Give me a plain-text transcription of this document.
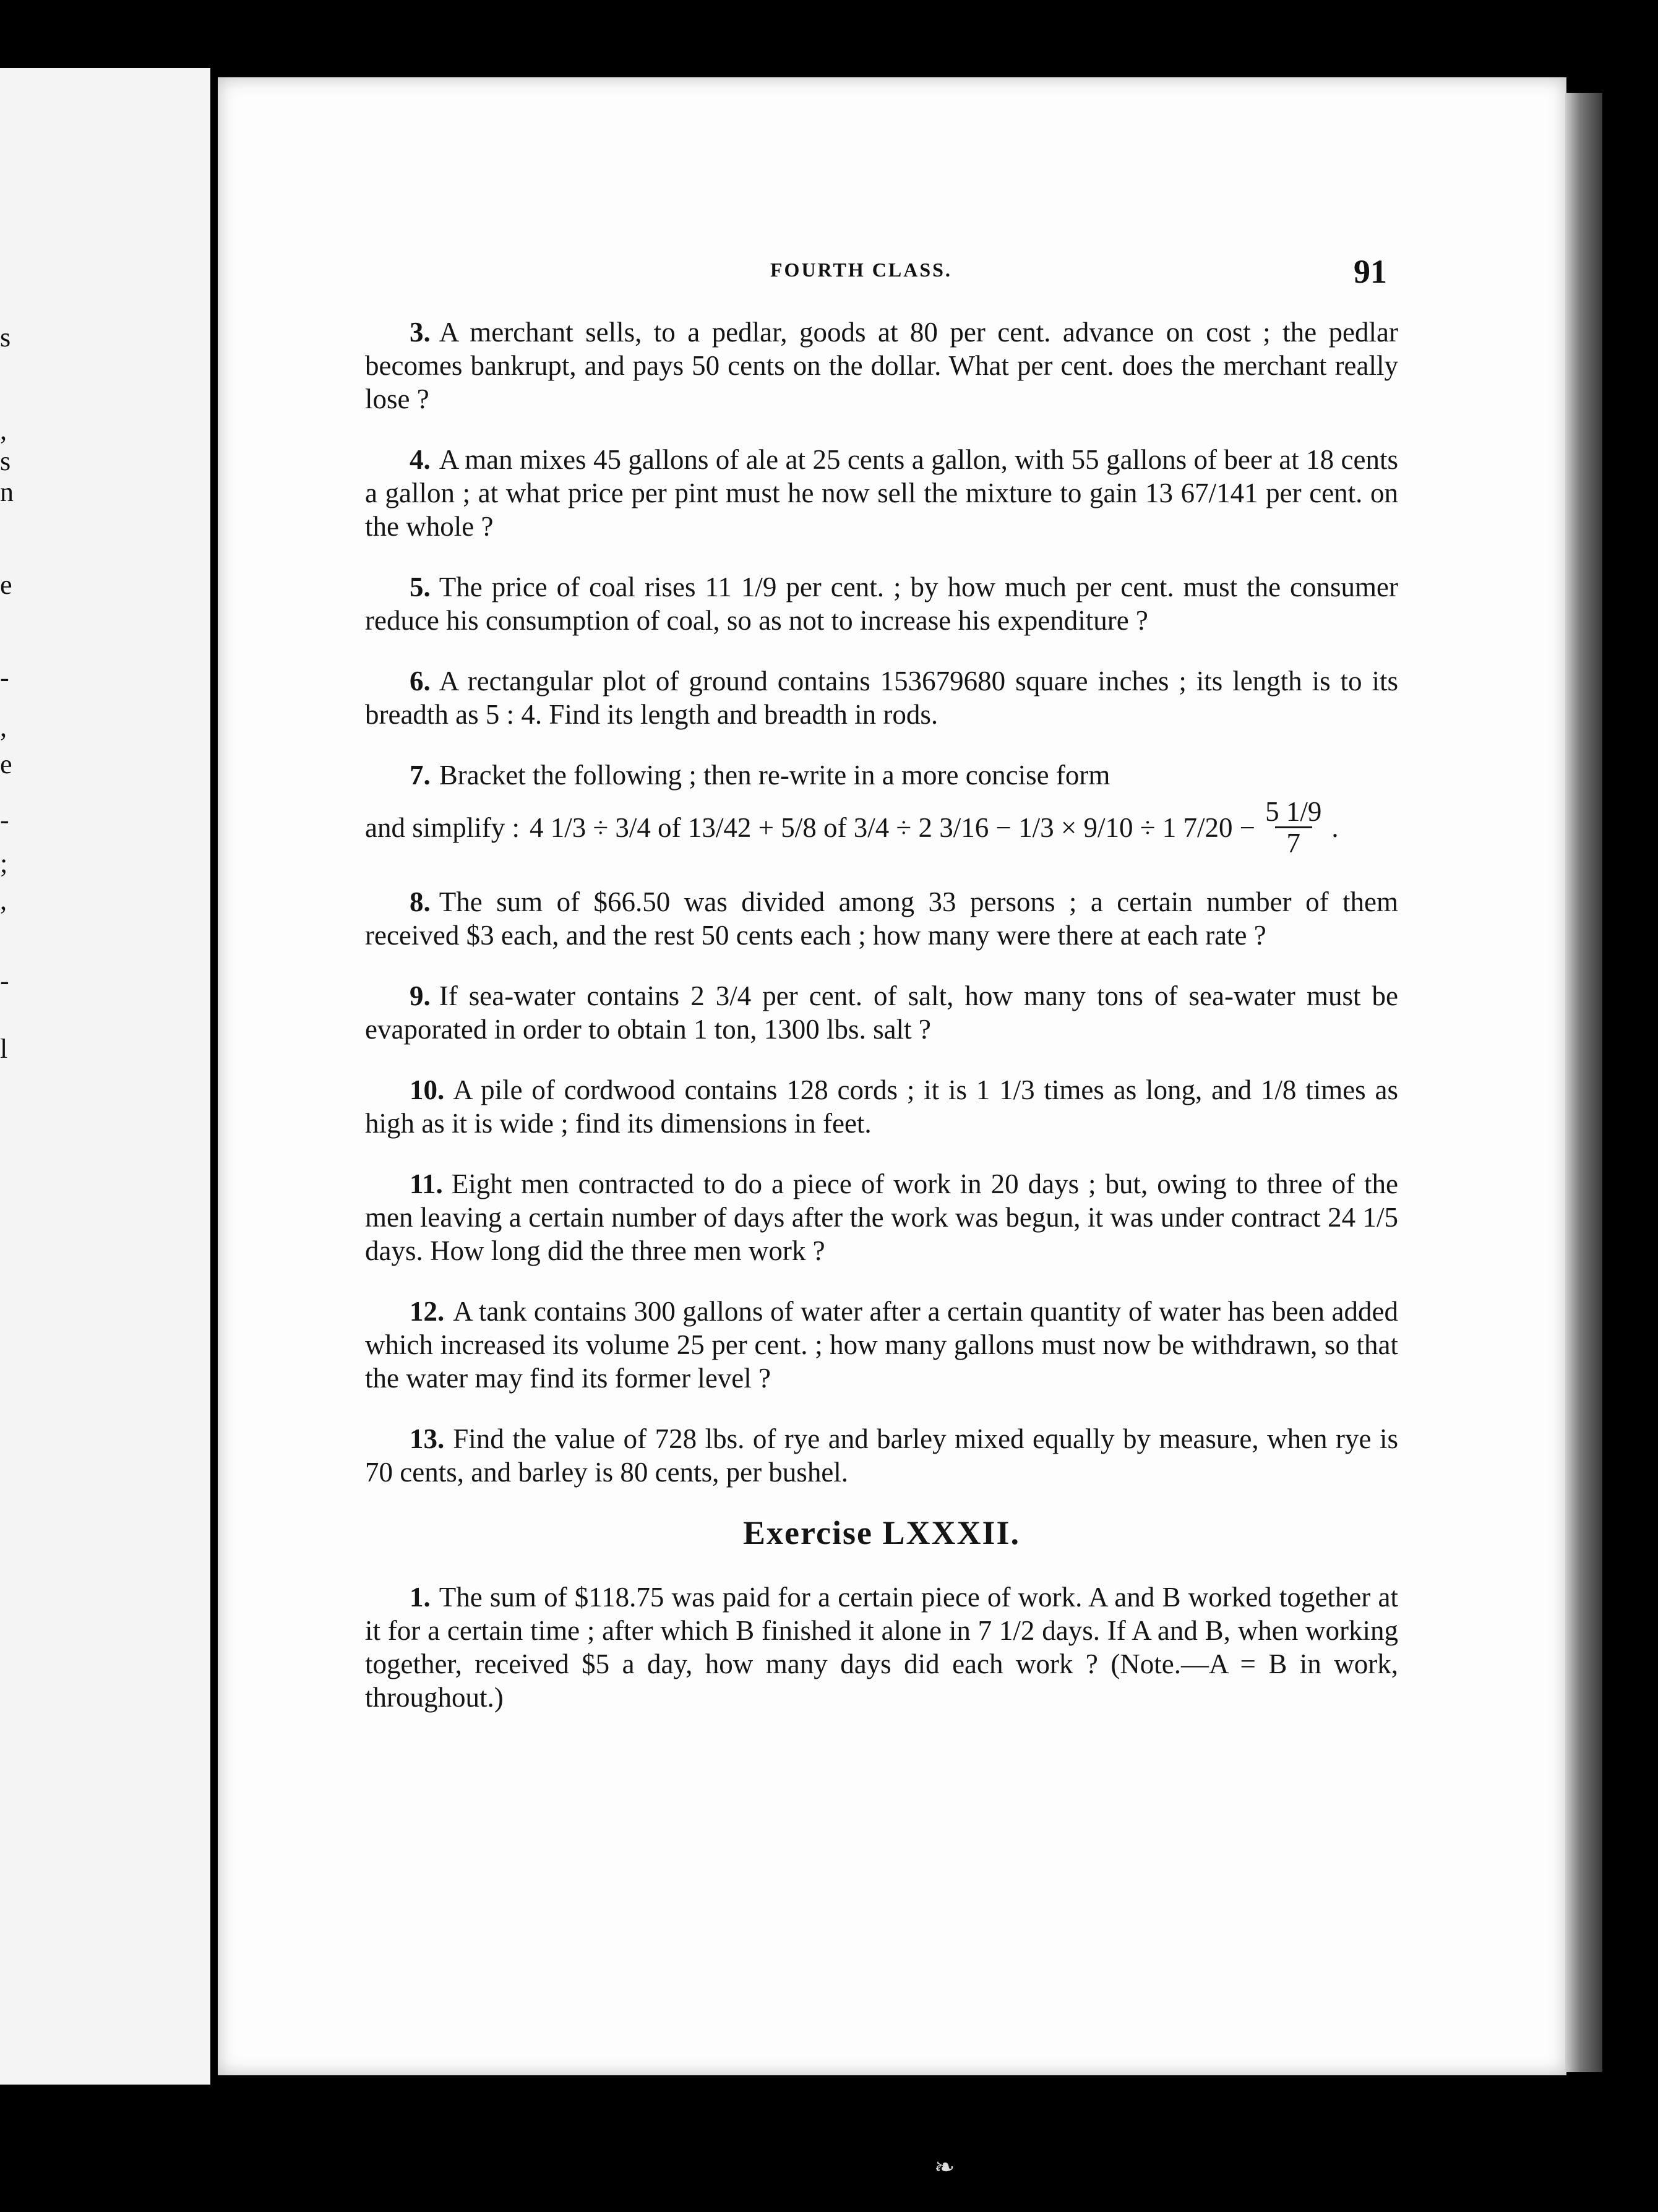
s
,
s
n
e
-
,
e
-
;
,
-
l
FOURTH CLASS.	91

3. A merchant sells, to a pedlar, goods at 80 per cent. advance on cost ; the pedlar becomes bankrupt, and pays 50 cents on the dollar. What per cent. does the merchant really lose ?

4. A man mixes 45 gallons of ale at 25 cents a gallon, with 55 gallons of beer at 18 cents a gallon ; at what price per pint must he now sell the mixture to gain 13 67/141 per cent. on the whole ?

5. The price of coal rises 11 1/9 per cent. ; by how much per cent. must the consumer reduce his consumption of coal, so as not to increase his expenditure ?

6. A rectangular plot of ground contains 153679680 square inches ; its length is to its breadth as 5 : 4. Find its length and breadth in rods.

7. Bracket the following ; then re-write in a more concise form

and simplify : 4 1/3 ÷ 3/4 of 13/42 + 5/8 of 3/4 ÷ 2 3/16 − 1/3 × 9/10 ÷ 1 7/20 −
5 1/9
7
.

8. The sum of $66.50 was divided among 33 persons ; a certain number of them received $3 each, and the rest 50 cents each ; how many were there at each rate ?

9. If sea-water contains 2 3/4 per cent. of salt, how many tons of sea-water must be evaporated in order to obtain 1 ton, 1300 lbs. salt ?

10. A pile of cordwood contains 128 cords ; it is 1 1/3 times as long, and 1/8 times as high as it is wide ; find its dimensions in feet.

11. Eight men contracted to do a piece of work in 20 days ; but, owing to three of the men leaving a certain number of days after the work was begun, it was under contract 24 1/5 days. How long did the three men work ?

12. A tank contains 300 gallons of water after a certain quantity of water has been added which increased its volume 25 per cent. ; how many gallons must now be withdrawn, so that the water may find its former level ?

13. Find the value of 728 lbs. of rye and barley mixed equally by measure, when rye is 70 cents, and barley is 80 cents, per bushel.

Exercise LXXXII.

1. The sum of $118.75 was paid for a certain piece of work. A and B worked together at it for a certain time ; after which B finished it alone in 7 1/2 days. If A and B, when working together, received $5 a day, how many days did each work ? (Note.—A = B in work, throughout.)

❧
